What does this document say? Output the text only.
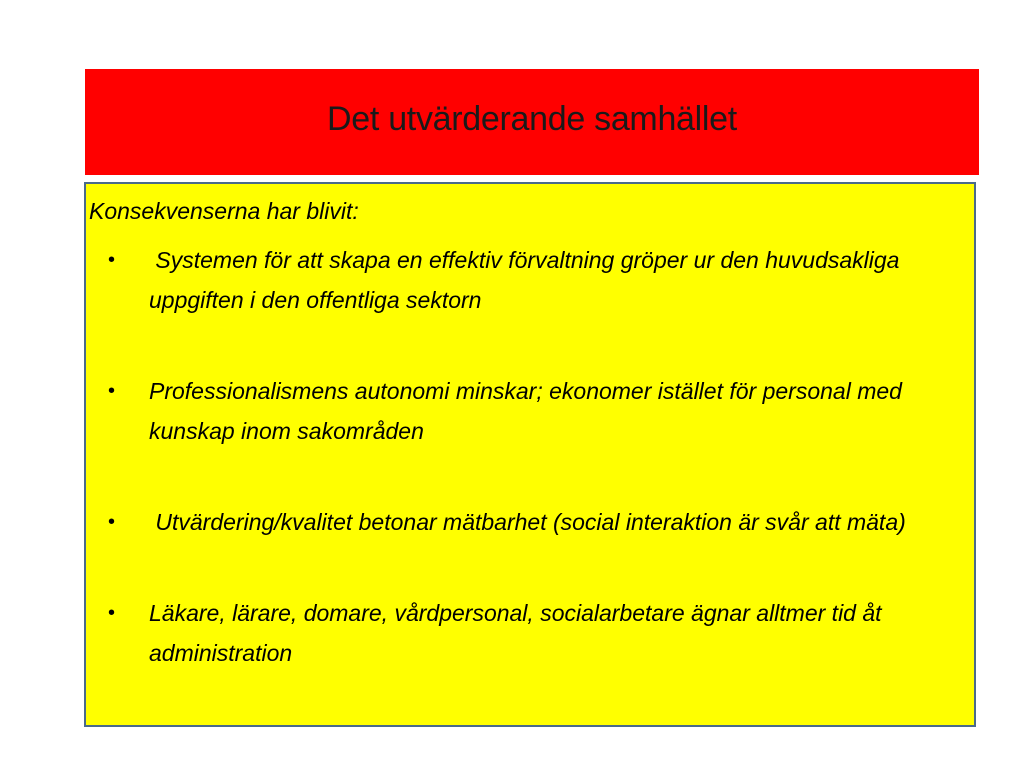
Det utvärderande samhället
Konsekvenserna har blivit:
• Systemen för att skapa en effektiv förvaltning gröper ur den huvudsakliga uppgiften i den offentliga sektorn
• Professionalismens autonomi minskar; ekonomer istället för personal med kunskap inom sakområden
• Utvärdering/kvalitet betonar mätbarhet (social interaktion är svår att mäta)
• Läkare, lärare, domare, vårdpersonal, socialarbetare ägnar alltmer tid åt administration
